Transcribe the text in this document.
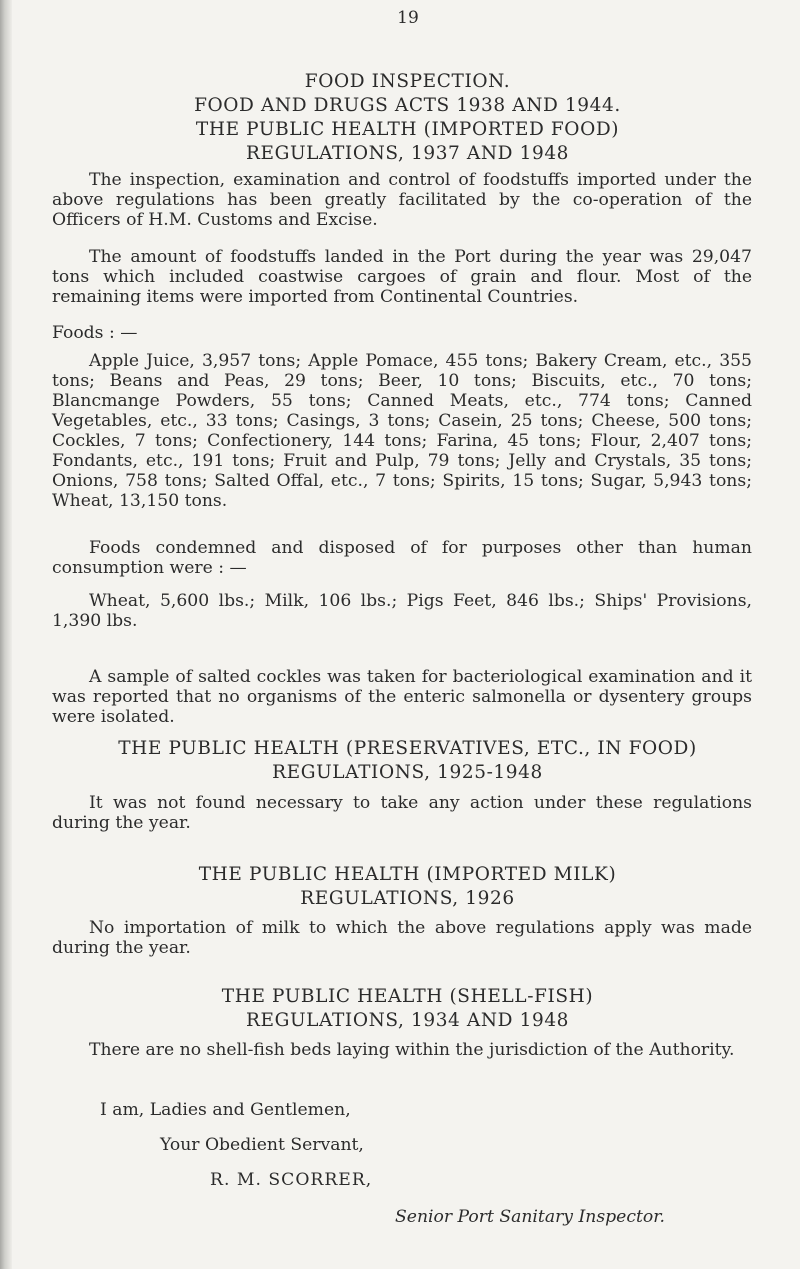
19
FOOD INSPECTION.
FOOD AND DRUGS ACTS 1938 AND 1944.
THE PUBLIC HEALTH (IMPORTED FOOD)
REGULATIONS, 1937 AND 1948

The inspection, examination and control of foodstuffs imported under the above regulations has been greatly facilitated by the co-operation of the Officers of H.M. Customs and Excise.

The amount of foodstuffs landed in the Port during the year was 29,047 tons which included coastwise cargoes of grain and flour. Most of the remaining items were imported from Continental Countries.

Foods : —

Apple Juice, 3,957 tons; Apple Pomace, 455 tons; Bakery Cream, etc., 355 tons; Beans and Peas, 29 tons; Beer, 10 tons; Biscuits, etc., 70 tons; Blancmange Powders, 55 tons; Canned Meats, etc., 774 tons; Canned Vegetables, etc., 33 tons; Casings, 3 tons; Casein, 25 tons; Cheese, 500 tons; Cockles, 7 tons; Confectionery, 144 tons; Farina, 45 tons; Flour, 2,407 tons; Fondants, etc., 191 tons; Fruit and Pulp, 79 tons; Jelly and Crystals, 35 tons; Onions, 758 tons; Salted Offal, etc., 7 tons; Spirits, 15 tons; Sugar, 5,943 tons; Wheat, 13,150 tons.

Foods condemned and disposed of for purposes other than human consumption were : —

Wheat, 5,600 lbs.; Milk, 106 lbs.; Pigs Feet, 846 lbs.; Ships' Provisions, 1,390 lbs.

A sample of salted cockles was taken for bacteriological examination and it was reported that no organisms of the enteric salmonella or dysentery groups were isolated.

THE PUBLIC HEALTH (PRESERVATIVES, ETC., IN FOOD)
REGULATIONS, 1925-1948

It was not found necessary to take any action under these regulations during the year.

THE PUBLIC HEALTH (IMPORTED MILK)
REGULATIONS, 1926

No importation of milk to which the above regulations apply was made during the year.

THE PUBLIC HEALTH (SHELL-FISH)
REGULATIONS, 1934 AND 1948

There are no shell-fish beds laying within the jurisdiction of the Authority.

I am, Ladies and Gentlemen,
Your Obedient Servant,
R. M. SCORRER,
Senior Port Sanitary Inspector.
